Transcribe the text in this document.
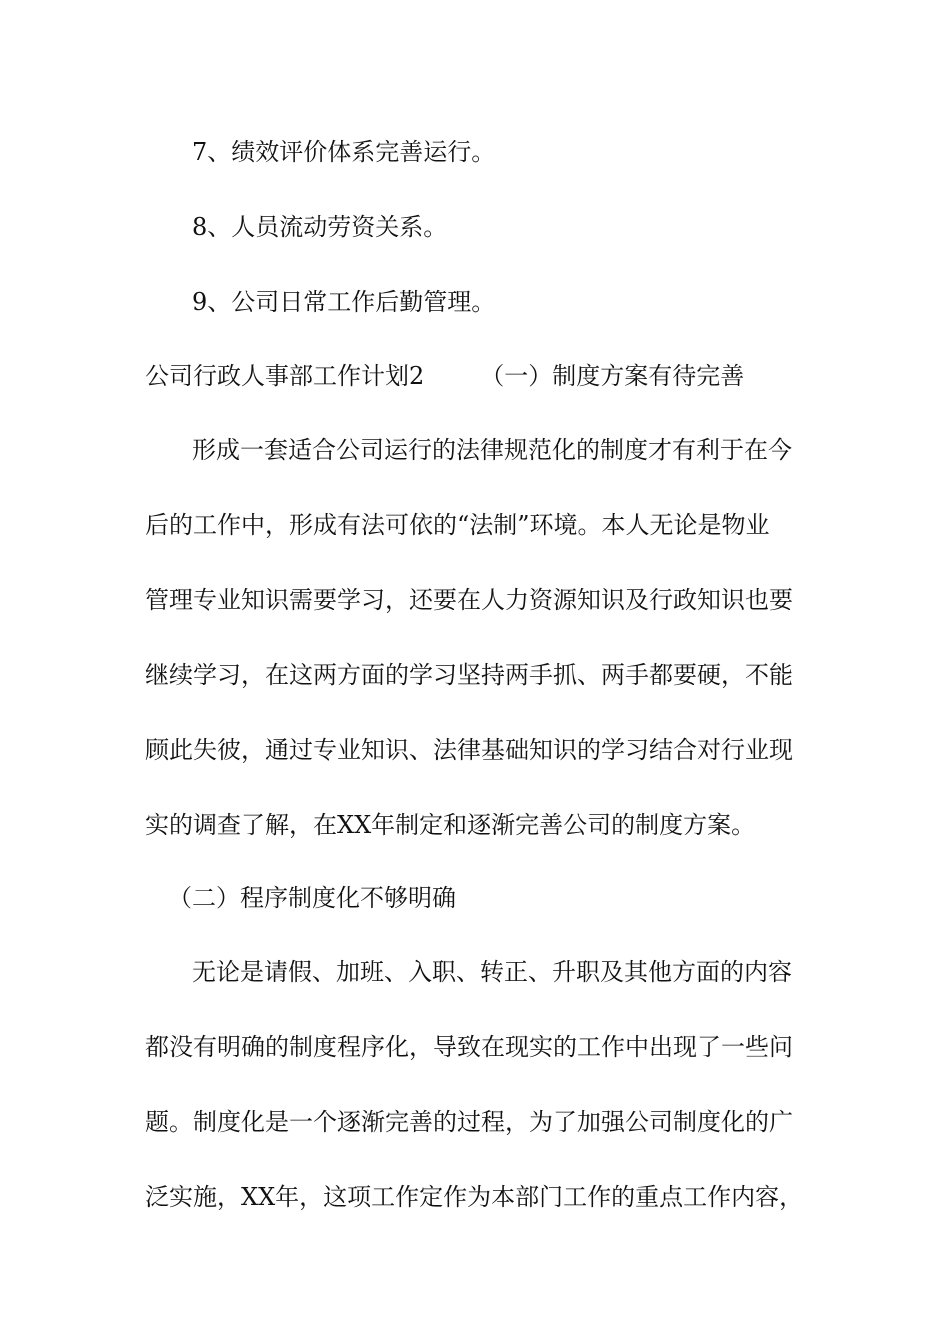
7、绩效评价体系完善运行。
8、人员流动劳资关系。
9、公司日常工作后勤管理。
公司行政人事部工作计划2 （一）制度方案有待完善
形成一套适合公司运行的法律规范化的制度才有利于在今
后的工作中，形成有法可依的“法制”环境。本人无论是物业
管理专业知识需要学习，还要在人力资源知识及行政知识也要
继续学习，在这两方面的学习坚持两手抓、两手都要硬，不能
顾此失彼，通过专业知识、法律基础知识的学习结合对行业现
实的调查了解，在XX年制定和逐渐完善公司的制度方案。
（二）程序制度化不够明确
无论是请假、加班、入职、转正、升职及其他方面的内容
都没有明确的制度程序化，导致在现实的工作中出现了一些问
题。制度化是一个逐渐完善的过程，为了加强公司制度化的广
泛实施，XX年，这项工作定作为本部门工作的重点工作内容，
